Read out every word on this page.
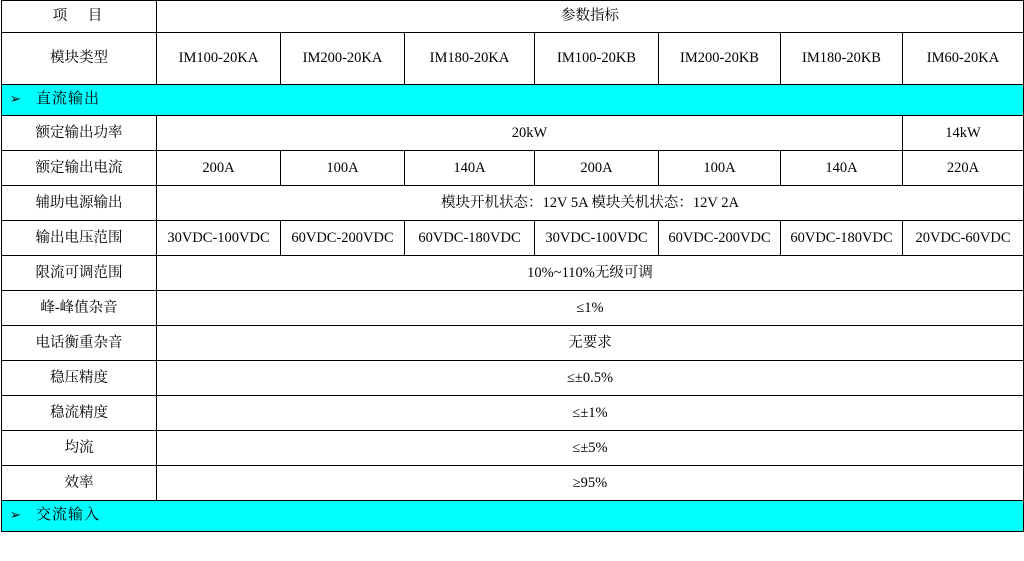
项　目	参数指标						
模块类型	IM100-20KA	IM200-20KA	IM180-20KA	IM100-20KB	IM200-20KB	IM180-20KB	IM60-20KA
➢ 直流输出							
额定输出功率	20kW						14kW
额定输出电流	200A	100A	140A	200A	100A	140A	220A
辅助电源输出	模块开机状态：12V 5A 模块关机状态：12V 2A						
输出电压范围	30VDC-100VDC	60VDC-200VDC	60VDC-180VDC	30VDC-100VDC	60VDC-200VDC	60VDC-180VDC	20VDC-60VDC
限流可调范围	10%~110%无级可调						
峰-峰值杂音	≤1%						
电话衡重杂音	无要求						
稳压精度	≤±0.5%						
稳流精度	≤±1%						
均流	≤±5%						
效率	≥95%						
➢ 交流输入							
